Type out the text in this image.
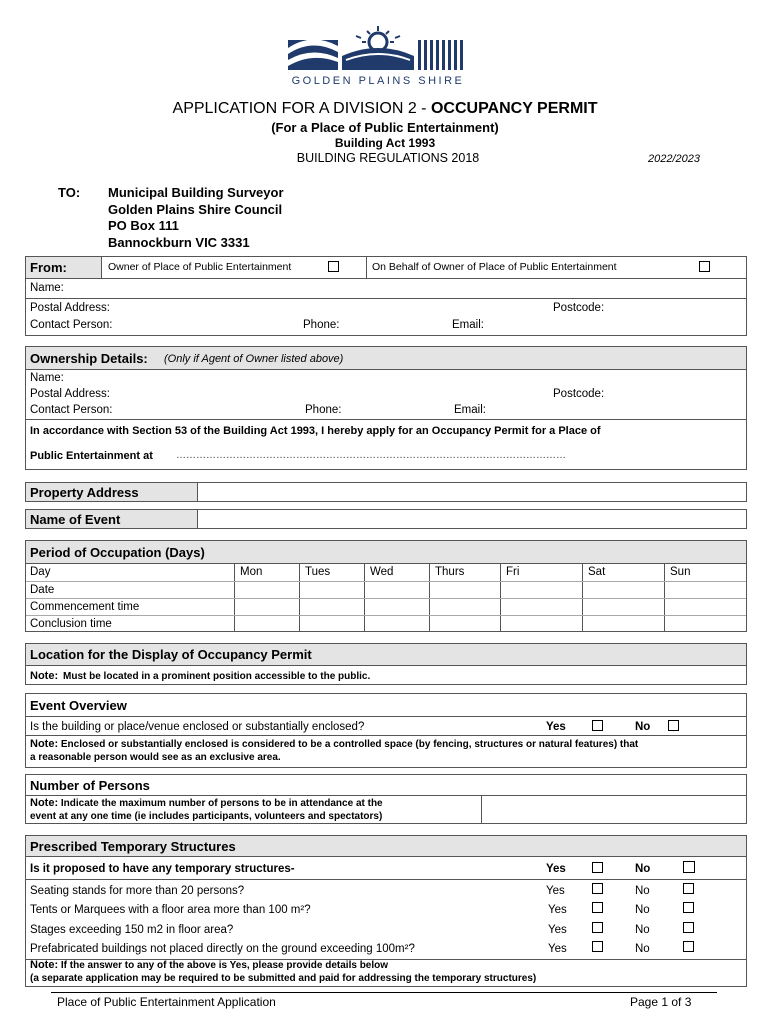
GOLDEN PLAINS SHIRE
APPLICATION FOR A DIVISION 2 - OCCUPANCY PERMIT
(For a Place of Public Entertainment)
Building Act 1993
BUILDING REGULATIONS 2018	2022/2023
TO: Municipal Building Surveyor
Golden Plains Shire Council
PO Box 111
Bannockburn VIC 3331
From:	Owner of Place of Public Entertainment	On Behalf of Owner of Place of Public Entertainment
Name:
Postal Address:	Postcode:
Contact Person:	Phone:	Email:
Ownership Details: (Only if Agent of Owner listed above)
Name:
Postal Address:	Postcode:
Contact Person:	Phone:	Email:
In accordance with Section 53 of the Building Act 1993, I hereby apply for an Occupancy Permit for a Place of
Public Entertainment at ………………………………………………………………………………………………………
Property Address
Name of Event
Period of Occupation (Days)
Day	Mon	Tues	Wed	Thurs	Fri	Sat	Sun
Date							
Commencement time							
Conclusion time							
Location for the Display of Occupancy Permit
Note: Must be located in a prominent position accessible to the public.
Event Overview
Is the building or place/venue enclosed or substantially enclosed?	Yes	No
Note: Enclosed or substantially enclosed is considered to be a controlled space (by fencing, structures or natural features) that
a reasonable person would see as an exclusive area.
Number of Persons
Note: Indicate the maximum number of persons to be in attendance at the
event at any one time (ie includes participants, volunteers and spectators)
Prescribed Temporary Structures
Is it proposed to have any temporary structures-	Yes	No
Seating stands for more than 20 persons?	Yes	No
Tents or Marquees with a floor area more than 100 m²?	Yes	No
Stages exceeding 150 m2 in floor area?	Yes	No
Prefabricated buildings not placed directly on the ground exceeding 100m²?	Yes	No
Note: If the answer to any of the above is Yes, please provide details below
(a separate application may be required to be submitted and paid for addressing the temporary structures)
Place of Public Entertainment Application	Page 1 of 3
